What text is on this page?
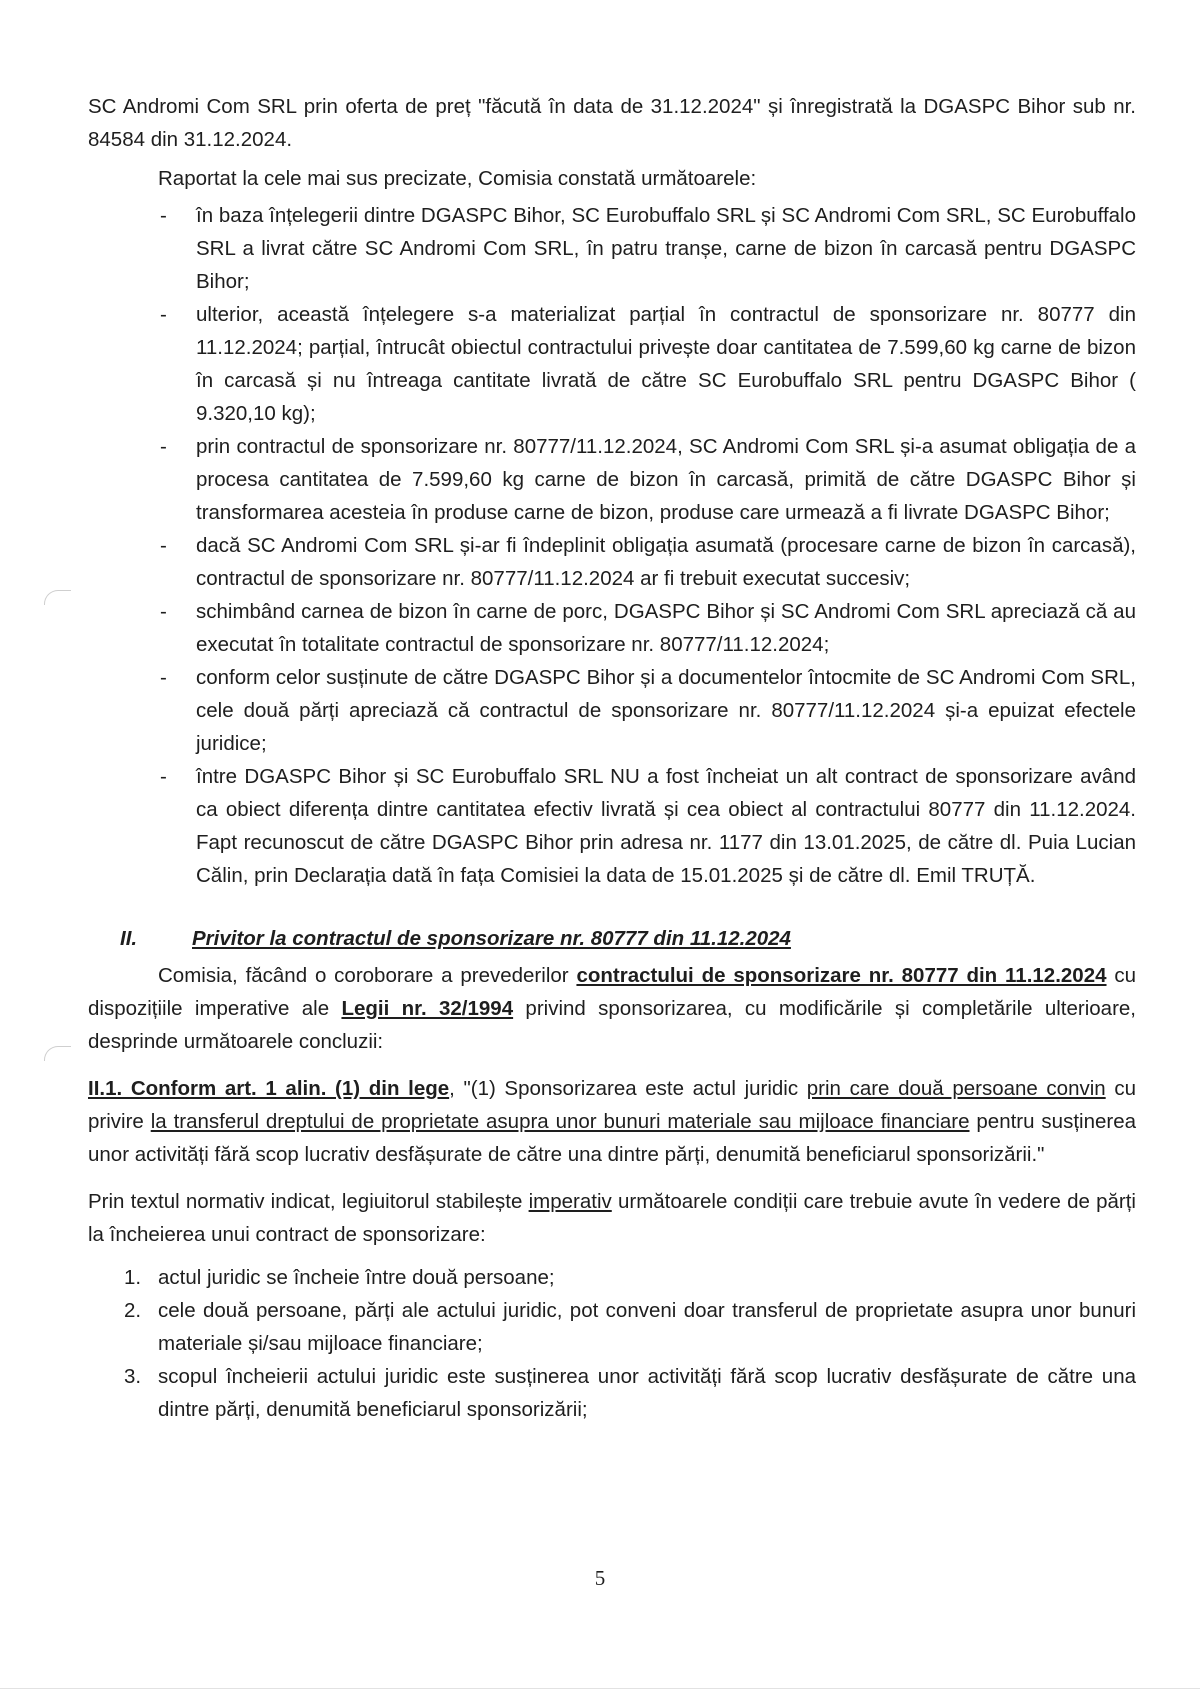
SC Andromi Com SRL prin oferta de preț "făcută în data de 31.12.2024" și înregistrată la DGASPC Bihor sub nr. 84584 din 31.12.2024.

Raportat la cele mai sus precizate, Comisia constată următoarele:

- în baza înțelegerii dintre DGASPC Bihor, SC Eurobuffalo SRL și SC Andromi Com SRL, SC Eurobuffalo SRL a livrat către SC Andromi Com SRL, în patru tranșe, carne de bizon în carcasă pentru DGASPC Bihor;
- ulterior, această înțelegere s-a materializat parțial în contractul de sponsorizare nr. 80777 din 11.12.2024; parțial, întrucât obiectul contractului privește doar cantitatea de 7.599,60 kg carne de bizon în carcasă și nu întreaga cantitate livrată de către SC Eurobuffalo SRL pentru DGASPC Bihor ( 9.320,10 kg);
- prin contractul de sponsorizare nr. 80777/11.12.2024, SC Andromi Com SRL și-a asumat obligația de a procesa cantitatea de 7.599,60 kg carne de bizon în carcasă, primită de către DGASPC Bihor și transformarea acesteia în produse carne de bizon, produse care urmează a fi livrate DGASPC Bihor;
- dacă SC Andromi Com SRL și-ar fi îndeplinit obligația asumată (procesare carne de bizon în carcasă), contractul de sponsorizare nr. 80777/11.12.2024 ar fi trebuit executat succesiv;
- schimbând carnea de bizon în carne de porc, DGASPC Bihor și SC Andromi Com SRL apreciază că au executat în totalitate contractul de sponsorizare nr. 80777/11.12.2024;
- conform celor susținute de către DGASPC Bihor și a documentelor întocmite de SC Andromi Com SRL, cele două părți apreciază că contractul de sponsorizare nr. 80777/11.12.2024 și-a epuizat efectele juridice;
- între DGASPC Bihor și SC Eurobuffalo SRL NU a fost încheiat un alt contract de sponsorizare având ca obiect diferența dintre cantitatea efectiv livrată și cea obiect al contractului 80777 din 11.12.2024. Fapt recunoscut de către DGASPC Bihor prin adresa nr. 1177 din 13.01.2025, de către dl. Puia Lucian Călin, prin Declarația dată în fața Comisiei la data de 15.01.2025 și de către dl. Emil TRUȚĂ.

II.	Privitor la contractul de sponsorizare nr. 80777 din 11.12.2024

Comisia, făcând o coroborare a prevederilor contractului de sponsorizare nr. 80777 din 11.12.2024 cu dispozițiile imperative ale Legii nr. 32/1994 privind sponsorizarea, cu modificările și completările ulterioare, desprinde următoarele concluzii:

II.1. Conform art. 1 alin. (1) din lege, "(1) Sponsorizarea este actul juridic prin care două persoane convin cu privire la transferul dreptului de proprietate asupra unor bunuri materiale sau mijloace financiare pentru susținerea unor activități fără scop lucrativ desfășurate de către una dintre părți, denumită beneficiarul sponsorizării."

Prin textul normativ indicat, legiuitorul stabilește imperativ următoarele condiții care trebuie avute în vedere de părți la încheierea unui contract de sponsorizare:

1. actul juridic se încheie între două persoane;
2. cele două persoane, părți ale actului juridic, pot conveni doar transferul de proprietate asupra unor bunuri materiale și/sau mijloace financiare;
3. scopul încheierii actului juridic este susținerea unor activități fără scop lucrativ desfășurate de către una dintre părți, denumită beneficiarul sponsorizării;
5
